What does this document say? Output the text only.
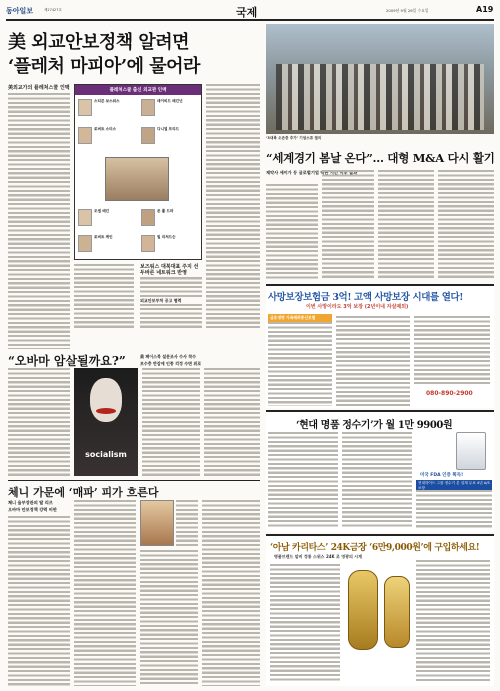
동아일보	제27427호	국제	2009년 9월 26일 수요일	A19
美 외교안보정책 알려면
‘플레처 마피아’에 물어라
美외교가의 플레처스쿨 인맥	플레처스쿨 출신 외교관 인맥
스티븐 보스워스	데이비드 매킨넌
로버트 스미스	다니얼 프리드
조셉 매킨	존 폴 드라
로버트 케인	빌 리처드슨
보즈워스 대북대표 주지 선두바른 네트워크 반영
외교안보부처 공고 협력
‘3대륙 오존층 추가’ 기념스튜 결의
“세계경기 봄날 온다”… 대형 M&A 다시 활기
제약사 세이가 등 글로벌기업 막판 시간 이후 결과
사망보장보험금 3억! 고액 사망보장 시대를 열다!
이번 사망이라도 3억 보장 (2년이내 자살제외)
금호생명 가족배려종신보험
080-890-2900
“오바마 암살될까요?”	美 페이스북 설문조사 수사 착수
보수층 반감에 인종 걱정 수면 위로
socialism
‘현대 명품 정수기’가 월 1만 9900원
미국 FDA 인증 획득!
현대하이드 그룹 정수기 본 설계 무료 4년 A/S 보장
체니 가문에 ‘매파’ 피가 흐른다
체니 율부장관의 딸 리즈
오바마 안보정책 강력 비판
‘아남 카리타스’ 24K금장 ‘6만9,000원’에 구입하세요!
명품브랜드 알비 정통 스위스 24K 로 영광의 시계
